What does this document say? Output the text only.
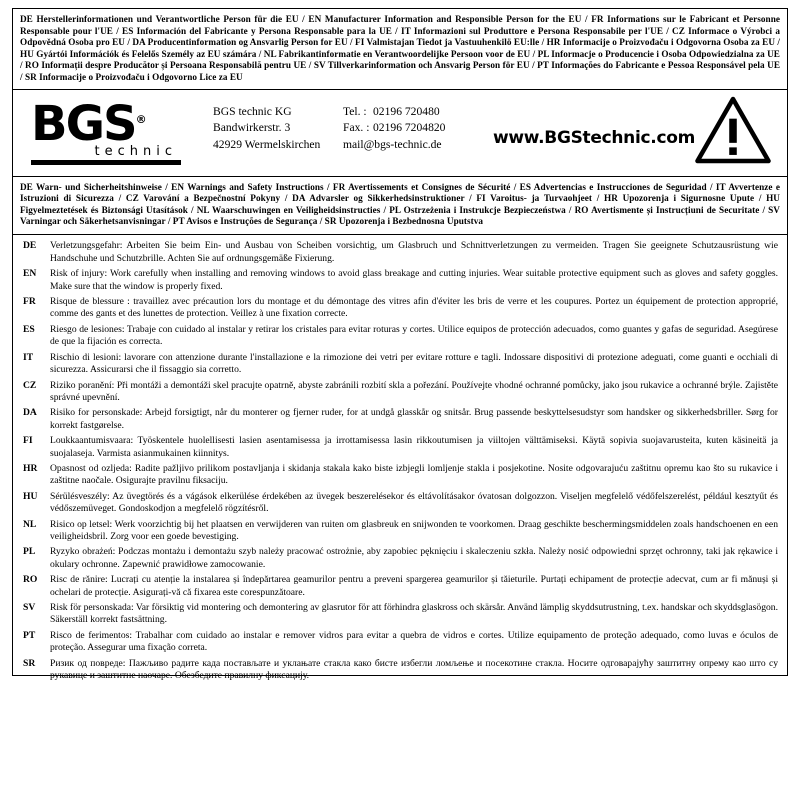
DE Herstellerinformationen und Verantwortliche Person für die EU / EN Manufacturer Information and Responsible Person for the EU / FR Informations sur le Fabricant et Personne Responsable pour l'UE / ES Información del Fabricante y Persona Responsable para la UE / IT Informazioni sul Produttore e Persona Responsabile per l'UE / CZ Informace o Výrobci a Odpovědná Osoba pro EU / DA Producentinformation og Ansvarlig Person for EU / FI Valmistajan Tiedot ja Vastuuhenkilö EU:lle / HR Informacije o Proizvođaču i Odgovorna Osoba za EU / HU Gyártói Információk és Felelős Személy az EU számára / NL Fabrikantinformatie en Verantwoordelijke Persoon voor de EU / PL Informacje o Producencie i Osoba Odpowiedzialna za UE / RO Informații despre Producător și Persoana Responsabilă pentru UE / SV Tillverkarinformation och Ansvarig Person för EU / PT Informações do Fabricante e Pessoa Responsável pela UE / SR Informacije o Proizvođaču i Odgovorno Lice za EU
BGS®
technic
BGS technic KG
Bandwirkerstr. 3
42929 Wermelskirchen
Tel. : 02196 720480
Fax. : 02196 7204820
mail@bgs-technic.de	www.BGStechnic.com
DE Warn- und Sicherheitshinweise / EN Warnings and Safety Instructions / FR Avertissements et Consignes de Sécurité / ES Advertencias e Instrucciones de Seguridad / IT Avvertenze e Istruzioni di Sicurezza / CZ Varování a Bezpečnostní Pokyny / DA Advarsler og Sikkerhedsinstruktioner / FI Varoitus- ja Turvaohjeet / HR Upozorenja i Sigurnosne Upute / HU Figyelmeztetések és Biztonsági Utasítások / NL Waarschuwingen en Veiligheidsinstructies / PL Ostrzeżenia i Instrukcje Bezpieczeństwa / RO Avertismente și Instrucțiuni de Securitate / SV Varningar och Säkerhetsanvisningar / PT Avisos e Instruções de Segurança / SR Upozorenja i Bezbednosna Uputstva
DE	Verletzungsgefahr: Arbeiten Sie beim Ein- und Ausbau von Scheiben vorsichtig, um Glasbruch und Schnittverletzungen zu vermeiden. Tragen Sie geeignete Schutzausrüstung wie Handschuhe und Schutzbrille. Achten Sie auf ordnungsgemäße Fixierung.
EN	Risk of injury: Work carefully when installing and removing windows to avoid glass breakage and cutting injuries. Wear suitable protective equipment such as gloves and safety goggles. Make sure that the window is properly fixed.
FR	Risque de blessure : travaillez avec précaution lors du montage et du démontage des vitres afin d'éviter les bris de verre et les coupures. Portez un équipement de protection approprié, comme des gants et des lunettes de protection. Veillez à une fixation correcte.
ES	Riesgo de lesiones: Trabaje con cuidado al instalar y retirar los cristales para evitar roturas y cortes. Utilice equipos de protección adecuados, como guantes y gafas de seguridad. Asegúrese de que la fijación es correcta.
IT	Rischio di lesioni: lavorare con attenzione durante l'installazione e la rimozione dei vetri per evitare rotture e tagli. Indossare dispositivi di protezione adeguati, come guanti e occhiali di sicurezza. Assicurarsi che il fissaggio sia corretto.
CZ	Riziko poranění: Při montáži a demontáži skel pracujte opatrně, abyste zabránili rozbití skla a pořezání. Používejte vhodné ochranné pomůcky, jako jsou rukavice a ochranné brýle. Zajistěte správné upevnění.
DA	Risiko for personskade: Arbejd forsigtigt, når du monterer og fjerner ruder, for at undgå glasskår og snitsår. Brug passende beskyttelsesudstyr som handsker og sikkerhedsbriller. Sørg for korrekt fastgørelse.
FI	Loukkaantumisvaara: Työskentele huolellisesti lasien asentamisessa ja irrottamisessa lasin rikkoutumisen ja viiltojen välttämiseksi. Käytä sopivia suojavarusteita, kuten käsineitä ja suojalaseja. Varmista asianmukainen kiinnitys.
HR	Opasnost od ozljeda: Radite pažljivo prilikom postavljanja i skidanja stakala kako biste izbjegli lomljenje stakla i posjekotine. Nosite odgovarajuću zaštitnu opremu kao što su rukavice i zaštitne naočale. Osigurajte pravilnu fiksaciju.
HU	Sérülésveszély: Az üvegtörés és a vágások elkerülése érdekében az üvegek beszerelésekor és eltávolításakor óvatosan dolgozzon. Viseljen megfelelő védőfelszerelést, például kesztyűt és védőszemüveget. Gondoskodjon a megfelelő rögzítésről.
NL	Risico op letsel: Werk voorzichtig bij het plaatsen en verwijderen van ruiten om glasbreuk en snijwonden te voorkomen. Draag geschikte beschermingsmiddelen zoals handschoenen en een veiligheidsbril. Zorg voor een goede bevestiging.
PL	Ryzyko obrażeń: Podczas montażu i demontażu szyb należy pracować ostrożnie, aby zapobiec pęknięciu i skaleczeniu szkła. Należy nosić odpowiedni sprzęt ochronny, taki jak rękawice i okulary ochronne. Zapewnić prawidłowe zamocowanie.
RO	Risc de rănire: Lucrați cu atenție la instalarea și îndepărtarea geamurilor pentru a preveni spargerea geamurilor și tăieturile. Purtați echipament de protecție adecvat, cum ar fi mănuși și ochelari de protecție. Asigurați-vă că fixarea este corespunzătoare.
SV	Risk för personskada: Var försiktig vid montering och demontering av glasrutor för att förhindra glaskross och skärsår. Använd lämplig skyddsutrustning, t.ex. handskar och skyddsglasögon. Säkerställ korrekt fastsättning.
PT	Risco de ferimentos: Trabalhar com cuidado ao instalar e remover vidros para evitar a quebra de vidros e cortes. Utilize equipamento de proteção adequado, como luvas e óculos de proteção. Assegurar uma fixação correta.
SR	Ризик од повреде: Пажљиво радите када постављате и уклањате стакла како бисте избегли ломљење и посекотине стакла. Носите одговарајућу заштитну опрему као што су рукавице и заштитне наочаре. Обезбедите правилну фиксацију.
